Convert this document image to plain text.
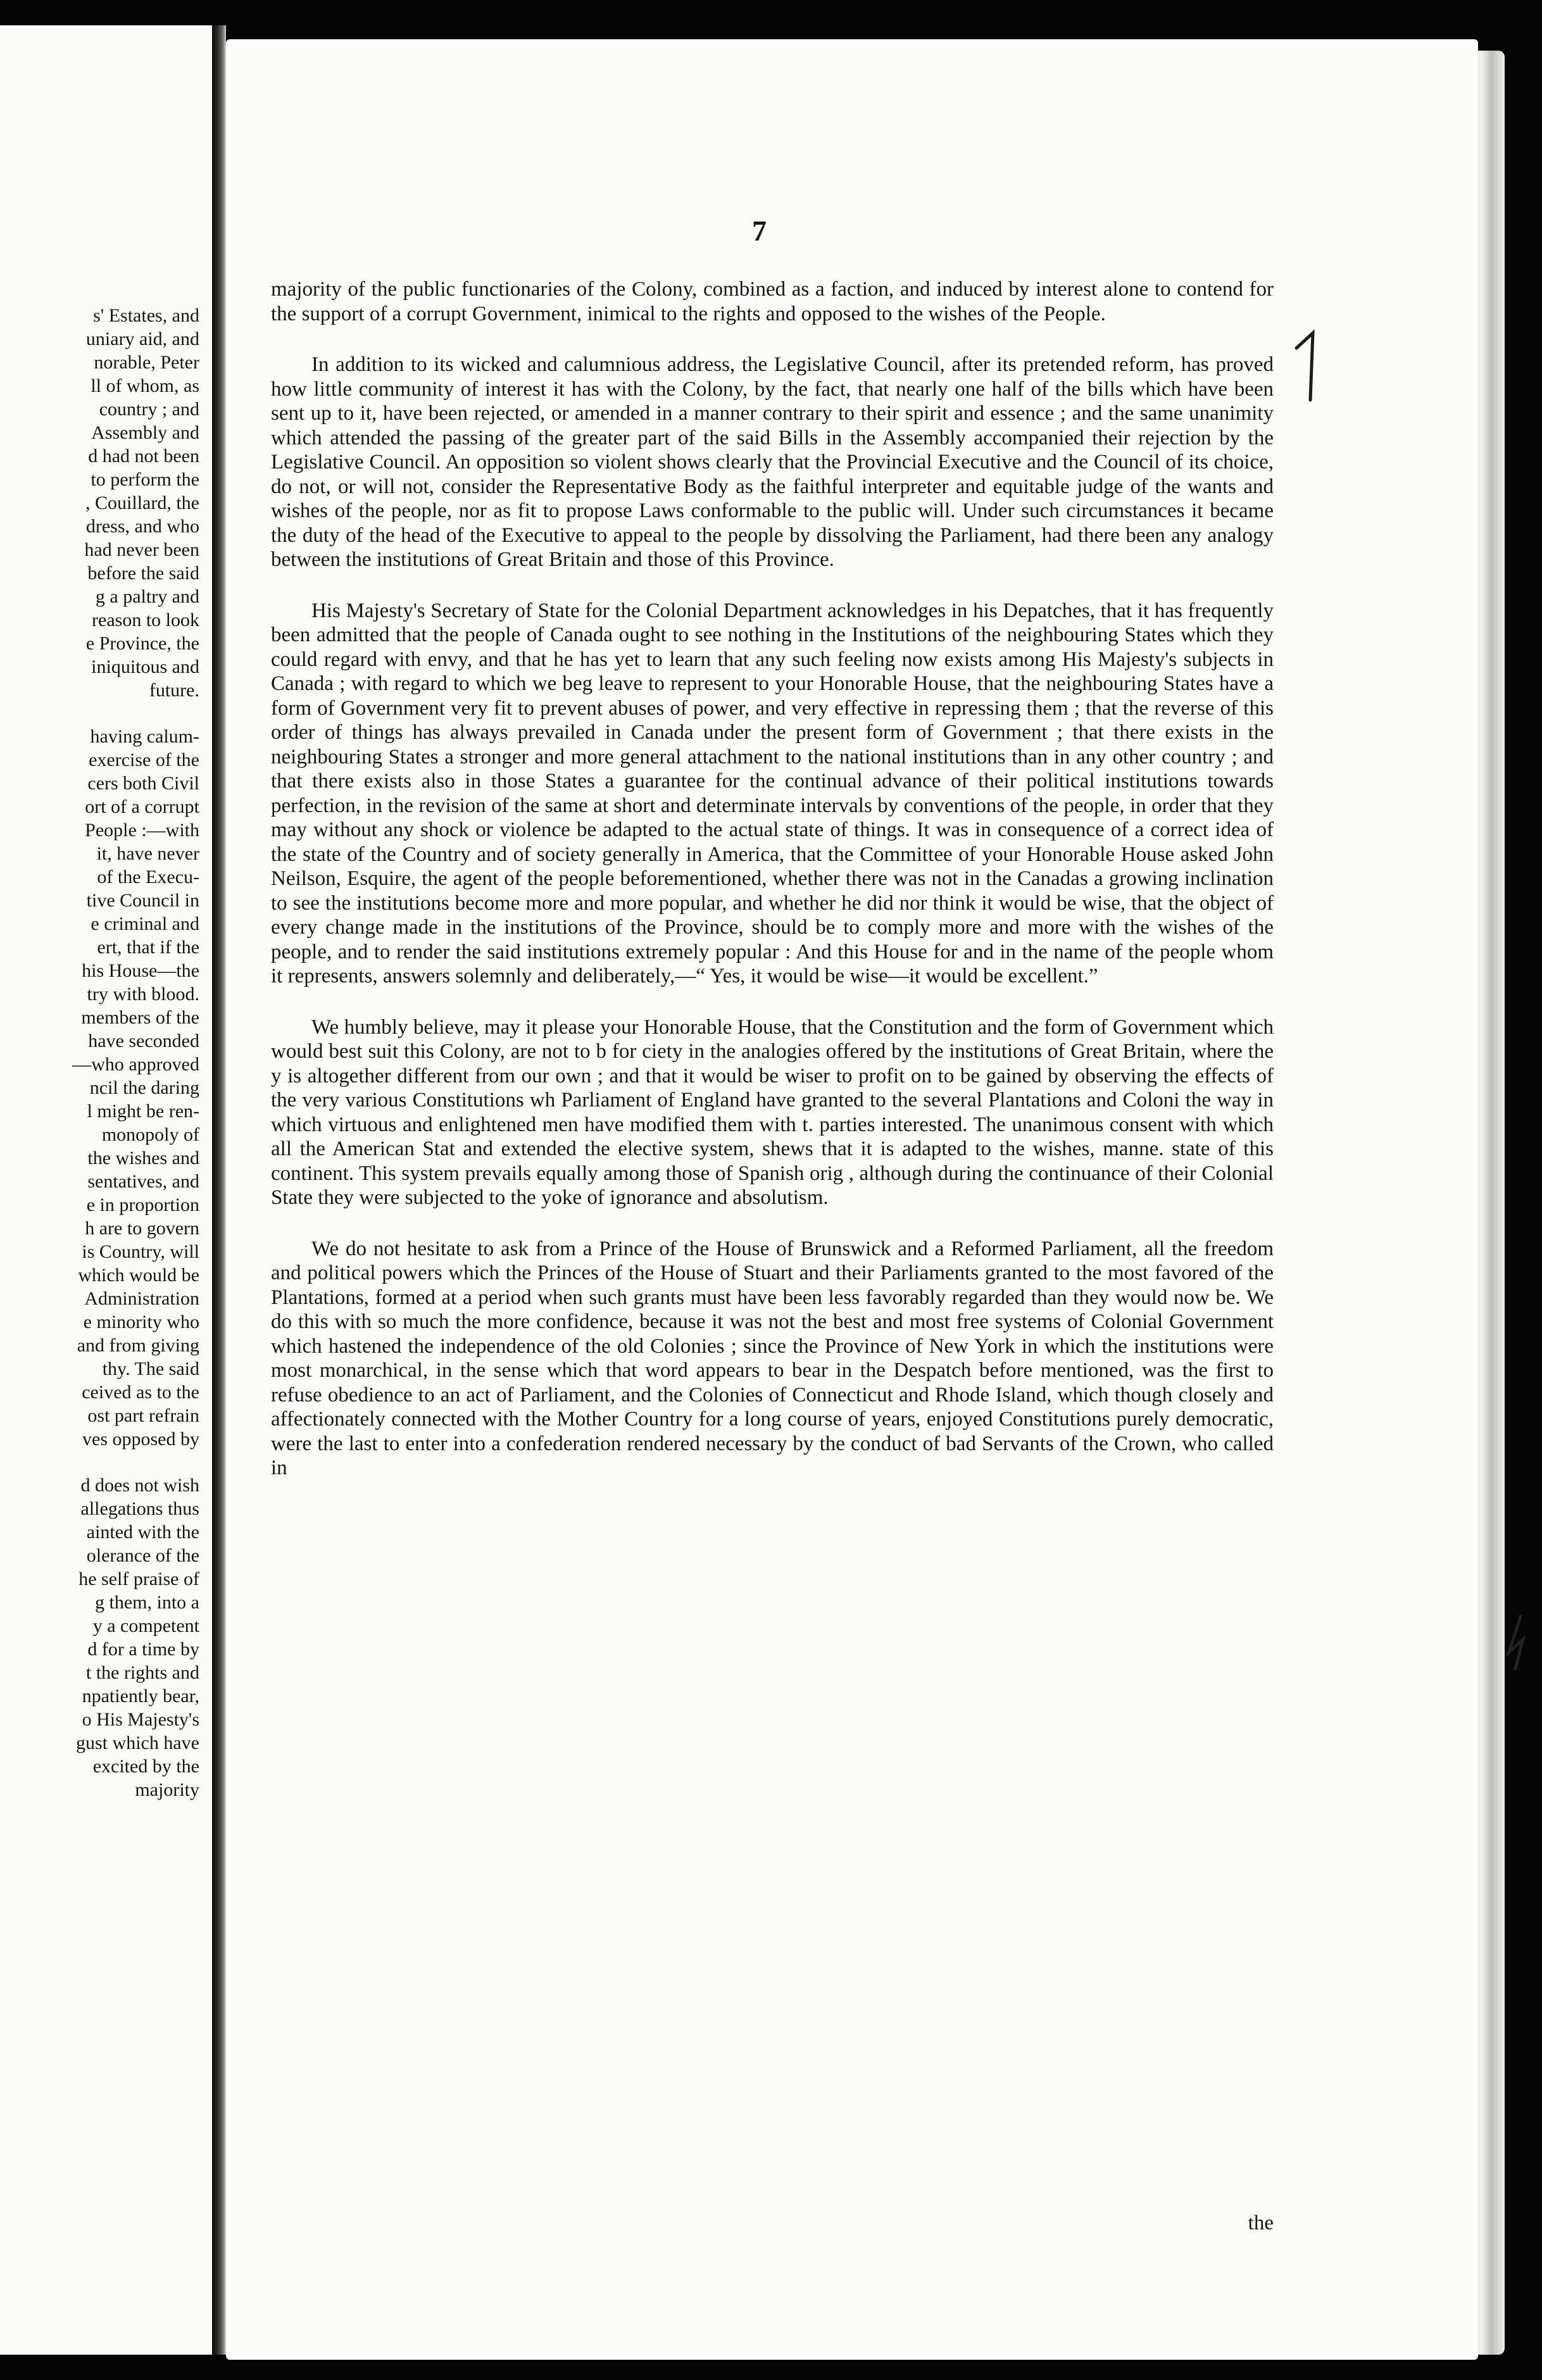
s' Estates, and
uniary aid, and
norable, Peter
ll of whom, as
country ; and
Assembly and
d had not been
to perform the
, Couillard, the
dress, and who
had never been
before the said
g a paltry and
reason to look
e Province, the
iniquitous and
future.
having calum-
exercise of the
cers both Civil
ort of a corrupt
People :—with
it, have never
of the Execu-
tive Council in
e criminal and
ert, that if the
his House—the
try with blood.
members of the
have seconded
—who approved
ncil the daring
l might be ren-
monopoly of
the wishes and
sentatives, and
e in proportion
h are to govern
is Country, will
which would be
Administration
e minority who
and from giving
thy. The said
ceived as to the
ost part refrain
ves opposed by
d does not wish
allegations thus
ainted with the
olerance of the
he self praise of
g them, into a
y a competent
d for a time by
t the rights and
npatiently bear,
o His Majesty's
gust which have
excited by the
majority
7

majority of the public functionaries of the Colony, combined as a faction, and induced by interest alone to contend for the support of a corrupt Government, inimical to the rights and opposed to the wishes of the People.

In addition to its wicked and calumnious address, the Legislative Council, after its pretended reform, has proved how little community of interest it has with the Colony, by the fact, that nearly one half of the bills which have been sent up to it, have been rejected, or amended in a manner contrary to their spirit and essence ; and the same unanimity which attended the passing of the greater part of the said Bills in the Assembly accompanied their rejection by the Legislative Council. An opposition so violent shows clearly that the Provincial Executive and the Council of its choice, do not, or will not, consider the Representative Body as the faithful interpreter and equitable judge of the wants and wishes of the people, nor as fit to propose Laws conformable to the public will. Under such circumstances it became the duty of the head of the Executive to appeal to the people by dissolving the Parliament, had there been any analogy between the institutions of Great Britain and those of this Province.

His Majesty's Secretary of State for the Colonial Department acknowledges in his Depatches, that it has frequently been admitted that the people of Canada ought to see nothing in the Institutions of the neighbouring States which they could regard with envy, and that he has yet to learn that any such feeling now exists among His Majesty's subjects in Canada ; with regard to which we beg leave to represent to your Honorable House, that the neighbouring States have a form of Government very fit to prevent abuses of power, and very effective in repressing them ; that the reverse of this order of things has always prevailed in Canada under the present form of Government ; that there exists in the neighbouring States a stronger and more general attachment to the national institutions than in any other country ; and that there exists also in those States a guarantee for the continual advance of their political institutions towards perfection, in the revision of the same at short and determinate intervals by conventions of the people, in order that they may without any shock or violence be adapted to the actual state of things. It was in consequence of a correct idea of the state of the Country and of society generally in America, that the Committee of your Honorable House asked John Neilson, Esquire, the agent of the people beforementioned, whether there was not in the Canadas a growing inclination to see the institutions become more and more popular, and whether he did nor think it would be wise, that the object of every change made in the institutions of the Province, should be to comply more and more with the wishes of the people, and to render the said institutions extremely popular : And this House for and in the name of the people whom it represents, answers solemnly and deliberately,—“ Yes, it would be wise—it would be excellent.”

We humbly believe, may it please your Honorable House, that the Constitution and the form of Government which would best suit this Colony, are not to b for ciety in the analogies offered by the institutions of Great Britain, where the y is altogether different from our own ; and that it would be wiser to profit on to be gained by observing the effects of the very various Constitutions wh Parliament of England have granted to the several Plantations and Coloni the way in which virtuous and enlightened men have modified them with t. parties interested. The unanimous consent with which all the American Stat and extended the elective system, shews that it is adapted to the wishes, manne. state of this continent. This system prevails equally among those of Spanish orig , although during the continuance of their Colonial State they were subjected to the yoke of ignorance and absolutism.

We do not hesitate to ask from a Prince of the House of Brunswick and a Reformed Parliament, all the freedom and political powers which the Princes of the House of Stuart and their Parliaments granted to the most favored of the Plantations, formed at a period when such grants must have been less favorably regarded than they would now be. We do this with so much the more confidence, because it was not the best and most free systems of Colonial Government which hastened the independence of the old Colonies ; since the Province of New York in which the institutions were most monarchical, in the sense which that word appears to bear in the Despatch before mentioned, was the first to refuse obedience to an act of Parliament, and the Colonies of Connecticut and Rhode Island, which though closely and affectionately connected with the Mother Country for a long course of years, enjoyed Constitutions purely democratic, were the last to enter into a confederation rendered necessary by the conduct of bad Servants of the Crown, who called in

the
